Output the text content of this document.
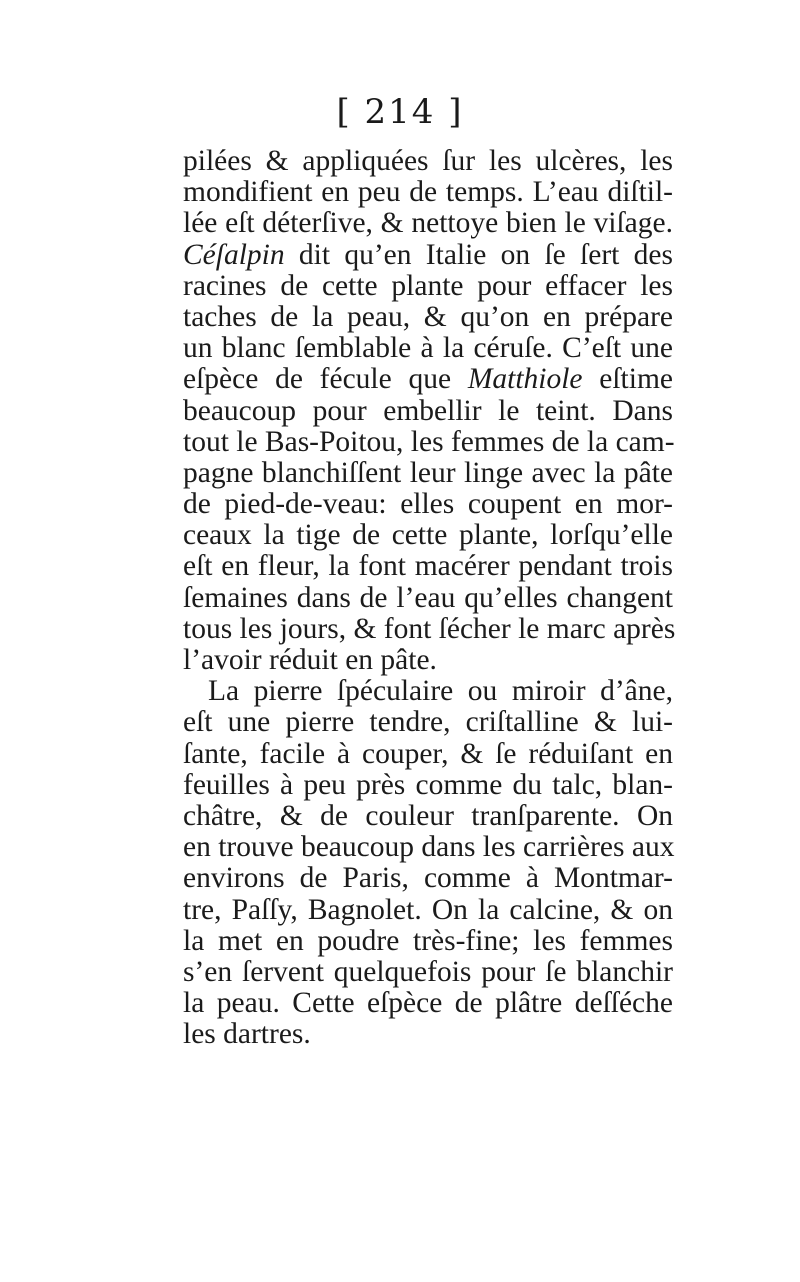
[ 214 ]
pilées & appliquées ſur les ulcères, les
mondifient en peu de temps. L’eau diſtil-
lée eſt déterſive, & nettoye bien le viſage.
Céſalpin dit qu’en Italie on ſe ſert des
racines de cette plante pour effacer les
taches de la peau, & qu’on en prépare
un blanc ſemblable à la céruſe. C’eſt une
eſpèce de fécule que Matthiole eſtime
beaucoup pour embellir le teint. Dans
tout le Bas-Poitou, les femmes de la cam-
pagne blanchiſſent leur linge avec la pâte
de pied-de-veau: elles coupent en mor-
ceaux la tige de cette plante, lorſqu’elle
eſt en fleur, la font macérer pendant trois
ſemaines dans de l’eau qu’elles changent
tous les jours, & font ſécher le marc après
l’avoir réduit en pâte.
La pierre ſpéculaire ou miroir d’âne,
eſt une pierre tendre, criſtalline & lui-
ſante, facile à couper, & ſe réduiſant en
feuilles à peu près comme du talc, blan-
châtre, & de couleur tranſparente. On
en trouve beaucoup dans les carrières aux
environs de Paris, comme à Montmar-
tre, Paſſy, Bagnolet. On la calcine, & on
la met en poudre très-fine; les femmes
s’en ſervent quelquefois pour ſe blanchir
la peau. Cette eſpèce de plâtre deſſéche
les dartres.
